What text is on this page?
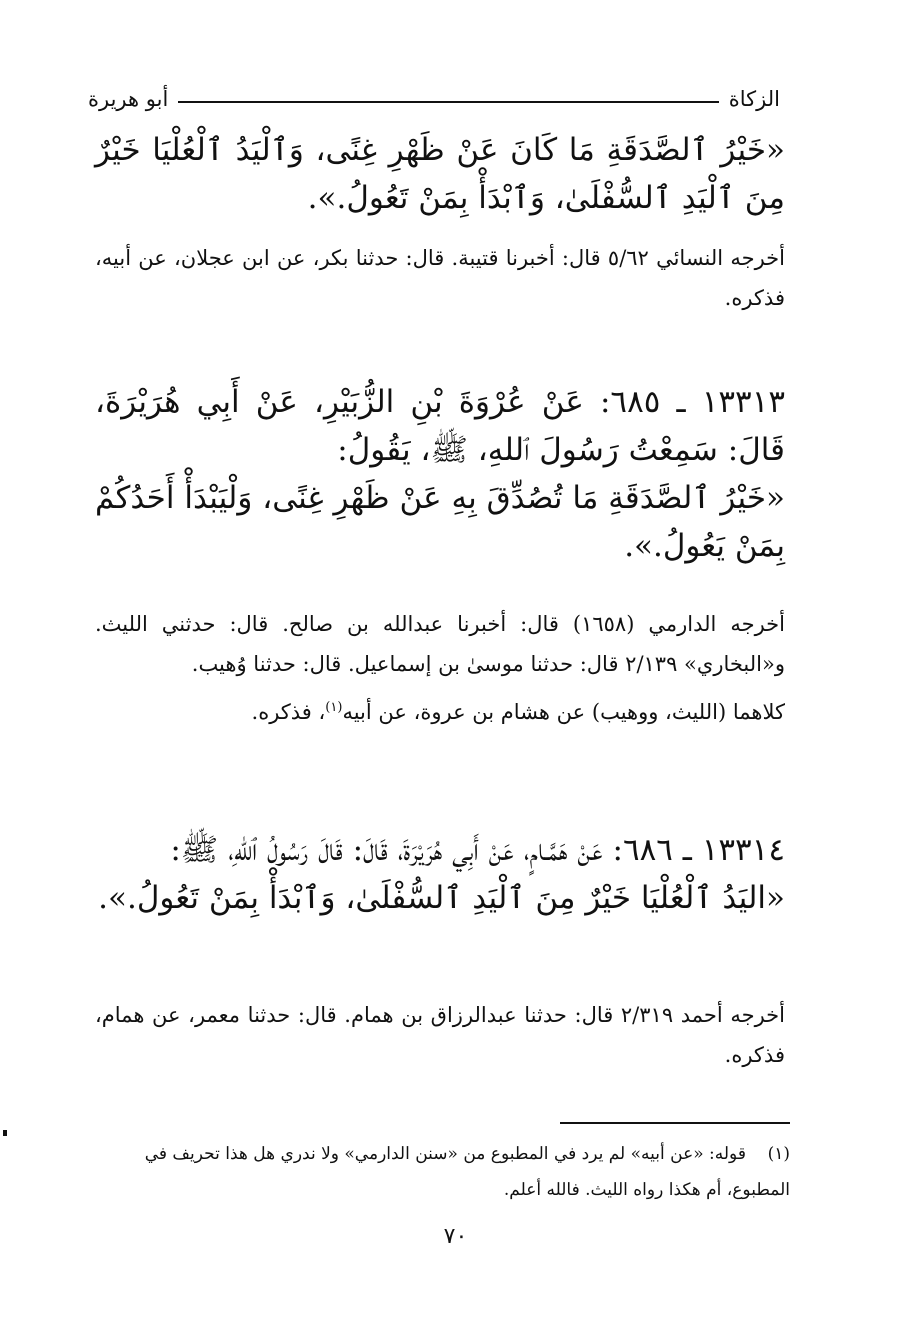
الزكاة
أبو هريرة

«خَيْرُ ٱلصَّدَقَةِ مَا كَانَ عَنْ ظَهْرِ غِنًى، وَٱلْيَدُ ٱلْعُلْيَا خَيْرٌ مِنَ ٱلْيَدِ ٱلسُّفْلَىٰ، وَٱبْدَأْ بِمَنْ تَعُولُ.».

أخرجه النسائي ٥/٦٢ قال: أخبرنا قتيبة. قال: حدثنا بكر، عن ابن عجلان، عن أبيه، فذكره.

١٣٣١٣ ـ ٦٨٥: عَنْ عُرْوَةَ بْنِ الزُّبَيْرِ، عَنْ أَبِي هُرَيْرَةَ، قَالَ: سَمِعْتُ رَسُولَ ٱللهِ، ﷺ، يَقُولُ:

«خَيْرُ ٱلصَّدَقَةِ مَا تُصُدِّقَ بِهِ عَنْ ظَهْرِ غِنًى، وَلْيَبْدَأْ أَحَدُكُمْ بِمَنْ يَعُولُ.».

أخرجه الدارمي (١٦٥٨) قال: أخبرنا عبدالله بن صالح. قال: حدثني الليث. و«البخاري» ٢/١٣٩ قال: حدثنا موسىٰ بن إسماعيل. قال: حدثنا وُهيب.

كلاهما (الليث، ووهيب) عن هشام بن عروة، عن أبيه$^{(١)}$، فذكره.

١٣٣١٤ ـ ٦٨٦: عَنْ هَمَّـامٍ، عَنْ أَبِي هُرَيْرَةَ، قَالَ: قَالَ رَسُولُ ٱللهِ، ﷺ:

«اليَدُ ٱلْعُلْيَا خَيْرٌ مِنَ ٱلْيَدِ ٱلسُّفْلَىٰ، وَٱبْدَأْ بِمَنْ تَعُولُ.».

أخرجه أحمد ٢/٣١٩ قال: حدثنا عبدالرزاق بن همام. قال: حدثنا معمر، عن همام، فذكره.

(١)    قوله: «عن أبيه» لم يرد في المطبوع من «سنن الدارمي» ولا ندري هل هذا تحريف في المطبوع، أم هكذا رواه الليث. فالله أعلم.

٧٠
